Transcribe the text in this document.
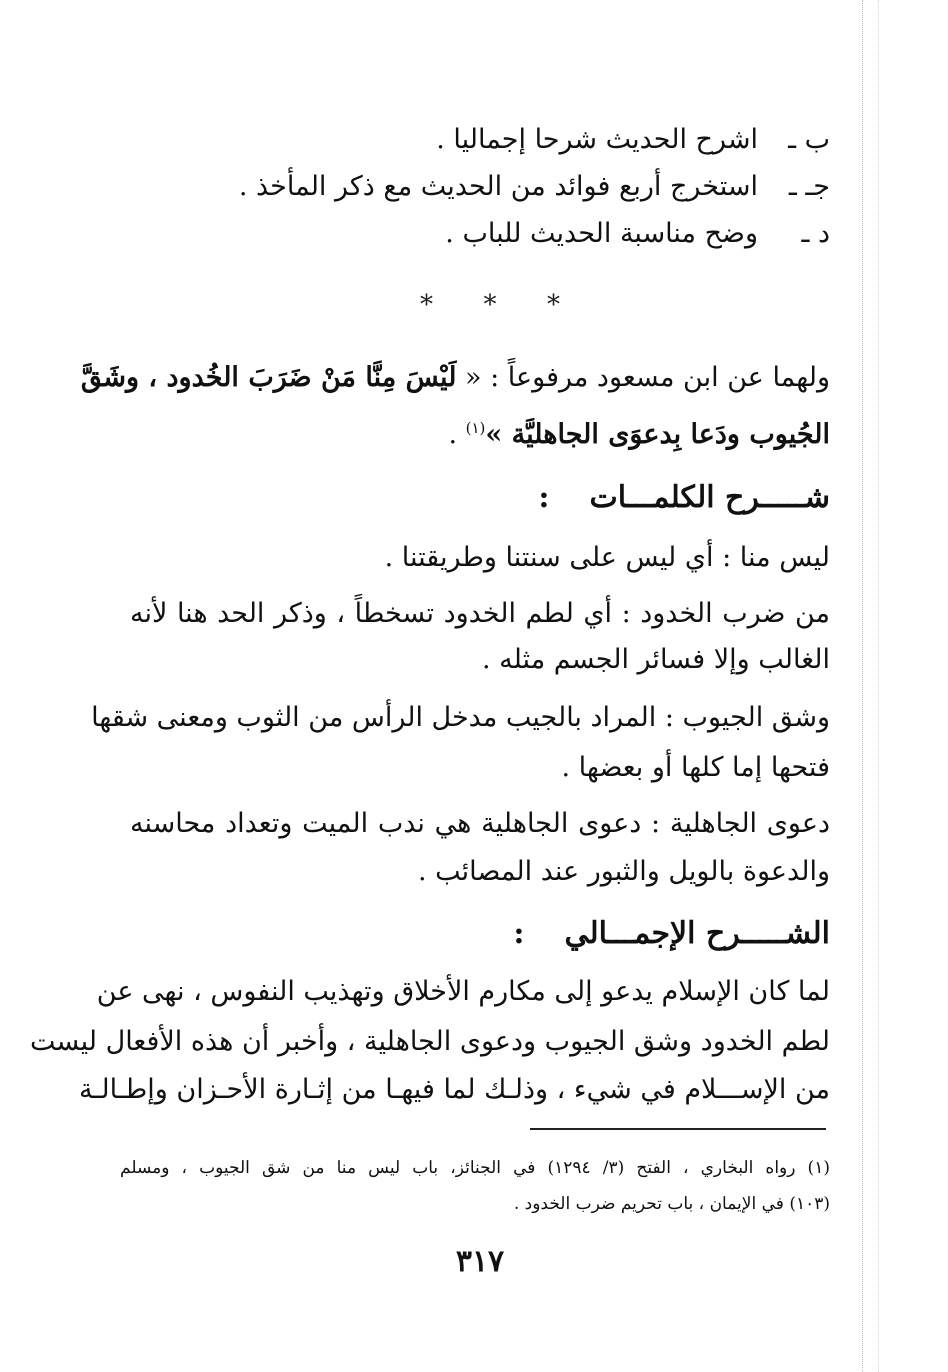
ب ـ
اشرح الحديث شرحا إجماليا .
جـ ـ
استخرج أربع فوائد من الحديث مع ذكر المأخذ .
د ـ
وضح مناسبة الحديث للباب .
* * *
ولهما عن ابن مسعود مرفوعاً : « لَيْسَ مِنَّا مَنْ ضَرَبَ الخُدود ، وشَقَّ
الجُيوب ودَعا بِدعوَى الجاهليَّة »$^{(١)}$ .
شـــــرح الكلمـــات:
ليس منا : أي ليس على سنتنا وطريقتنا .
من ضرب الخدود : أي لطم الخدود تسخطاً ، وذكر الحد هنا لأنه
الغالب وإلا فسائر الجسم مثله .
وشق الجيوب : المراد بالجيب مدخل الرأس من الثوب ومعنى شقها
فتحها إما كلها أو بعضها .
دعوى الجاهلية : دعوى الجاهلية هي ندب الميت وتعداد محاسنه
والدعوة بالويل والثبور عند المصائب .
الشـــــرح الإجمـــالي:
لما كان الإسلام يدعو إلى مكارم الأخلاق وتهذيب النفوس ، نهى عن
لطم الخدود وشق الجيوب ودعوى الجاهلية ، وأخبر أن هذه الأفعال ليست
من الإســـلام في شيء ، وذلـك لما فيهـا من إثـارة الأحـزان وإطـالـة
(١) رواه البخاري ، الفتح (٣/ ١٢٩٤) في الجنائز، باب ليس منا من شق الجيوب ، ومسلم
(١٠٣) في الإيمان ، باب تحريم ضرب الخدود .
٣١٧
